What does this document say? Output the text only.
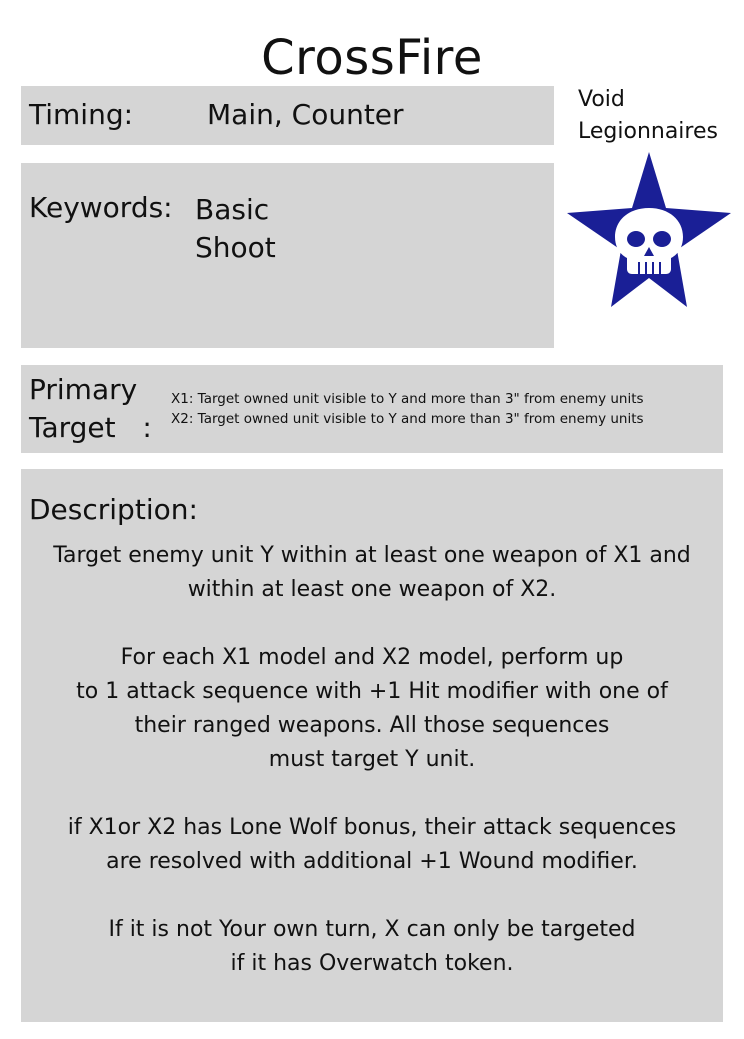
CrossFire
Timing:	Main, Counter
Keywords: Basic
Shoot
Primary
Target   :
X1: Target owned unit visible to Y and more than 3" from enemy units
X2: Target owned unit visible to Y and more than 3" from enemy units
Description:
Target enemy unit Y within at least one weapon of X1 and
within at least one weapon of X2.
For each X1 model and X2 model, perform up
to 1 attack sequence with +1 Hit modifier with one of
their ranged weapons. All those sequences
must target Y unit.
if X1or X2 has Lone Wolf bonus, their attack sequences
are resolved with additional +1 Wound modifier.
If it is not Your own turn, X can only be targeted
if it has Overwatch token.
Void
Legionnaires
